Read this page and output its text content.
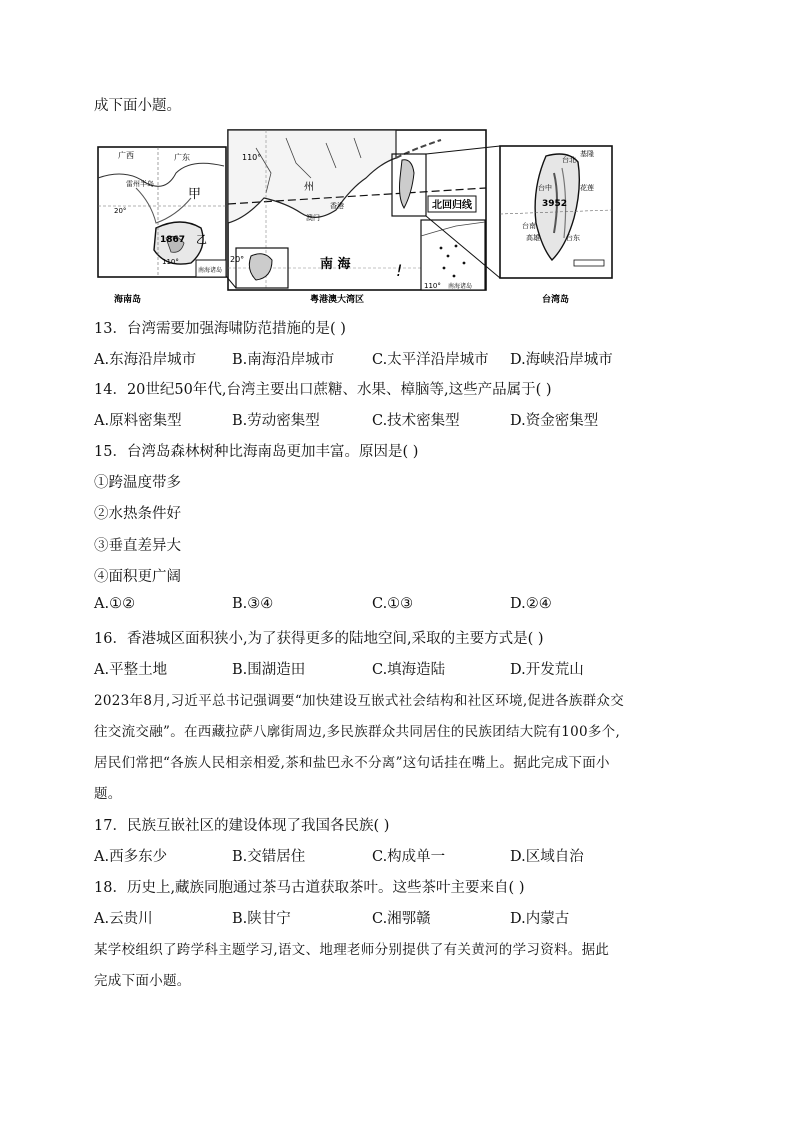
成下面小题。
广西	广东
雷州半岛
甲
乙
1867
20°
110°
南海诸岛
海南岛
北回归线
南 海	!
州
香港
澳门
110°
20°
110° 南海诸岛
粤港澳大湾区
台北
基隆
台中	花莲
3952
台南
高雄	台东
台湾岛
13．台湾需要加强海啸防范措施的是( )
A.东海沿岸城市 B.南海沿岸城市	C.太平洋沿岸城市 D.海峡沿岸城市
14．20世纪50年代,台湾主要出口蔗糖、水果、樟脑等,这些产品属于( )
A.原料密集型	B.劳动密集型	C.技术密集型	D.资金密集型
15．台湾岛森林树种比海南岛更加丰富。原因是( )
①跨温度带多
②水热条件好
③垂直差异大
④面积更广阔
A.①②	B.③④	C.①③	D.②④
16．香港城区面积狭小,为了获得更多的陆地空间,采取的主要方式是( )
A.平整土地	B.围湖造田	C.填海造陆	D.开发荒山
2023年8月,习近平总书记强调要“加快建设互嵌式社会结构和社区环境,促进各族群众交
往交流交融”。在西藏拉萨八廓街周边,多民族群众共同居住的民族团结大院有100多个,
居民们常把“各族人民相亲相爱,茶和盐巴永不分离”这句话挂在嘴上。据此完成下面小
题。
17．民族互嵌社区的建设体现了我国各民族( )
A.西多东少	B.交错居住	C.构成单一	D.区域自治
18．历史上,藏族同胞通过茶马古道获取茶叶。这些茶叶主要来自( )
A.云贵川	B.陕甘宁	C.湘鄂赣	D.内蒙古
某学校组织了跨学科主题学习,语文、地理老师分别提供了有关黄河的学习资料。据此
完成下面小题。
